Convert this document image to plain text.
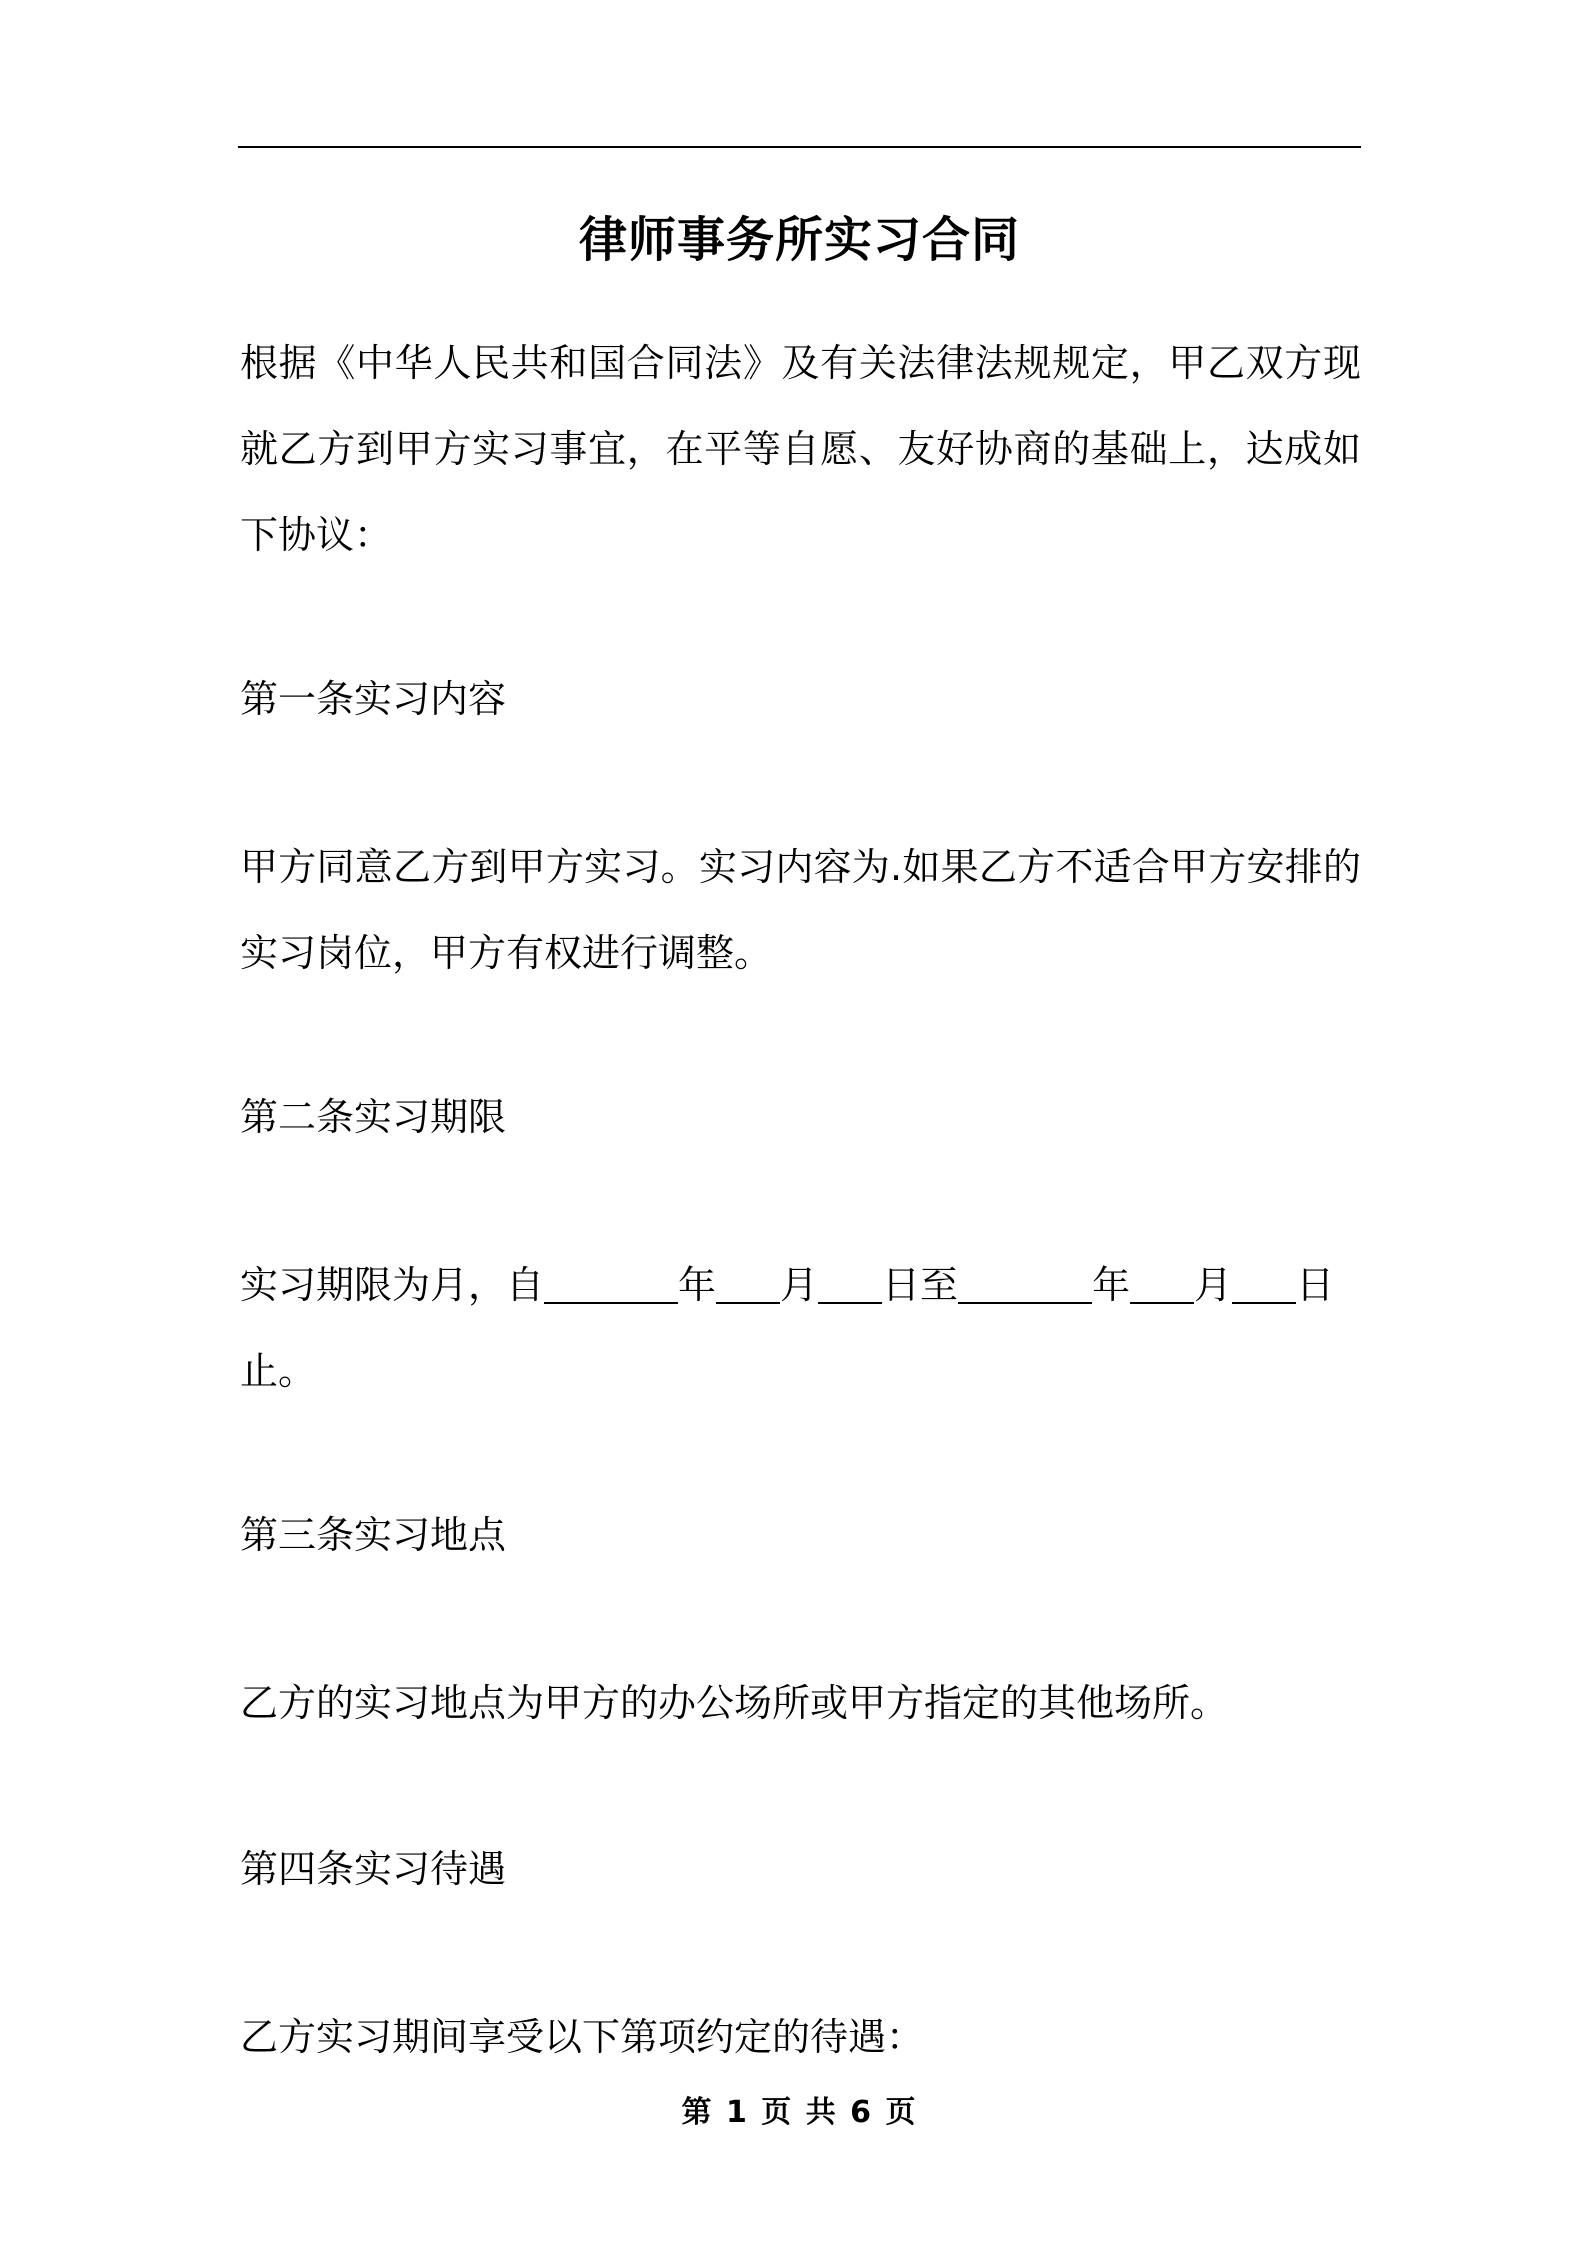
律师事务所实习合同
根据《中华人民共和国合同法》及有关法律法规规定，甲乙双方现就乙方到甲方实习事宜，在平等自愿、友好协商的基础上，达成如下协议：
第一条实习内容
甲方同意乙方到甲方实习。实习内容为.如果乙方不适合甲方安排的实习岗位，甲方有权进行调整。
第二条实习期限
实习期限为月，自	年 月 日至	年 月 日
止。
第三条实习地点
乙方的实习地点为甲方的办公场所或甲方指定的其他场所。
第四条实习待遇
乙方实习期间享受以下第项约定的待遇：
第 1 页 共 6 页
